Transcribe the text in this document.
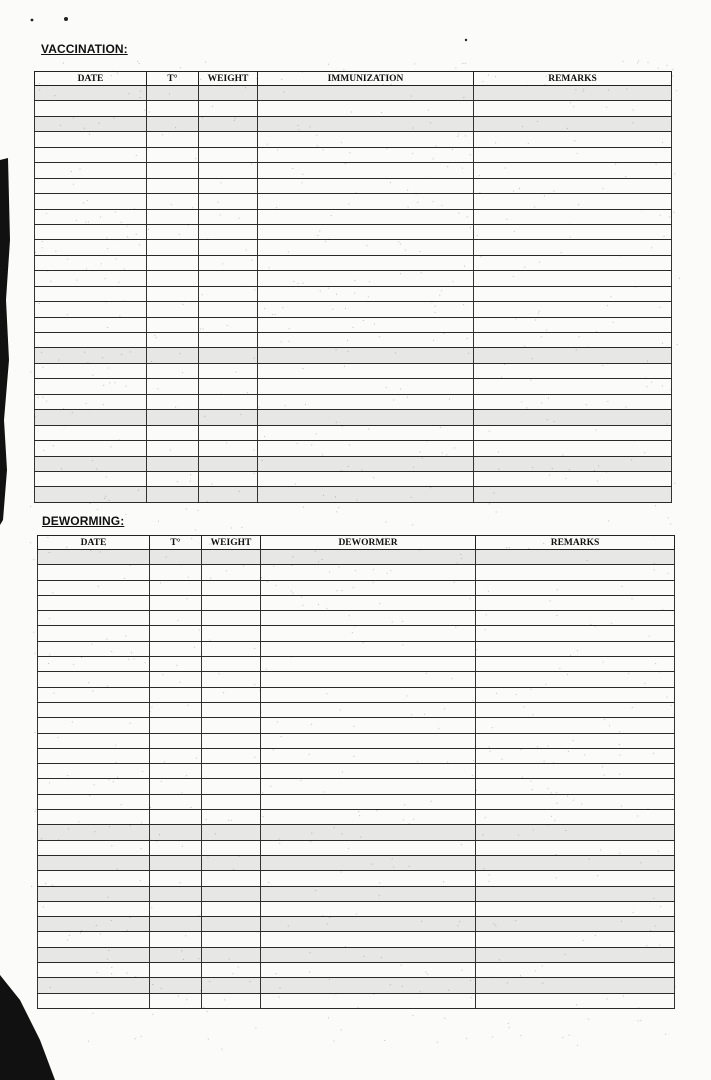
VACCINATION:
DATE	T°	WEIGHT	IMMUNIZATION	REMARKS

DEWORMING:
DATE	T°	WEIGHT	DEWORMER	REMARKS
